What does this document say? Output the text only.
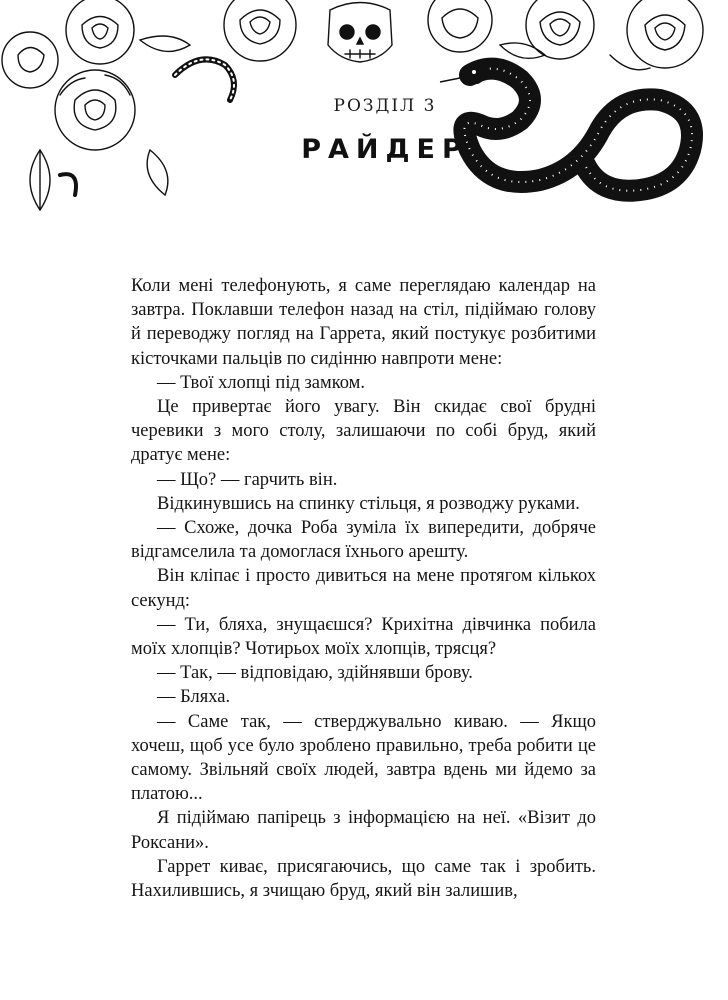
РОЗДІЛ 3
РАЙДЕР

Коли мені телефонують, я саме переглядаю календар на завтра. Поклавши телефон назад на стіл, підіймаю голову й переводжу погляд на Гаррета, який постукує розбитими кісточками пальців по сидінню навпроти мене:

— Твої хлопці під замком.

Це привертає його увагу. Він скидає свої брудні черевики з мого столу, залишаючи по собі бруд, який дратує мене:

— Що? — гарчить він.

Відкинувшись на спинку стільця, я розводжу руками.

— Схоже, дочка Роба зуміла їх випередити, добряче відгамселила та домоглася їхнього арешту.

Він кліпає і просто дивиться на мене протягом кількох секунд:

— Ти, бляха, знущаєшся? Крихітна дівчинка побила моїх хлопців? Чотирьох моїх хлопців, трясця?

— Так, — відповідаю, здійнявши брову.

— Бляха.

— Саме так, — стверджувально киваю. — Якщо хочеш, щоб усе було зроблено правильно, треба робити це самому. Звільняй своїх людей, завтра вдень ми йдемо за платою...

Я підіймаю папірець з інформацією на неї. «Візит до Роксани».

Гаррет киває, присягаючись, що саме так і зробить. Нахилившись, я зчищаю бруд, який він залишив,
